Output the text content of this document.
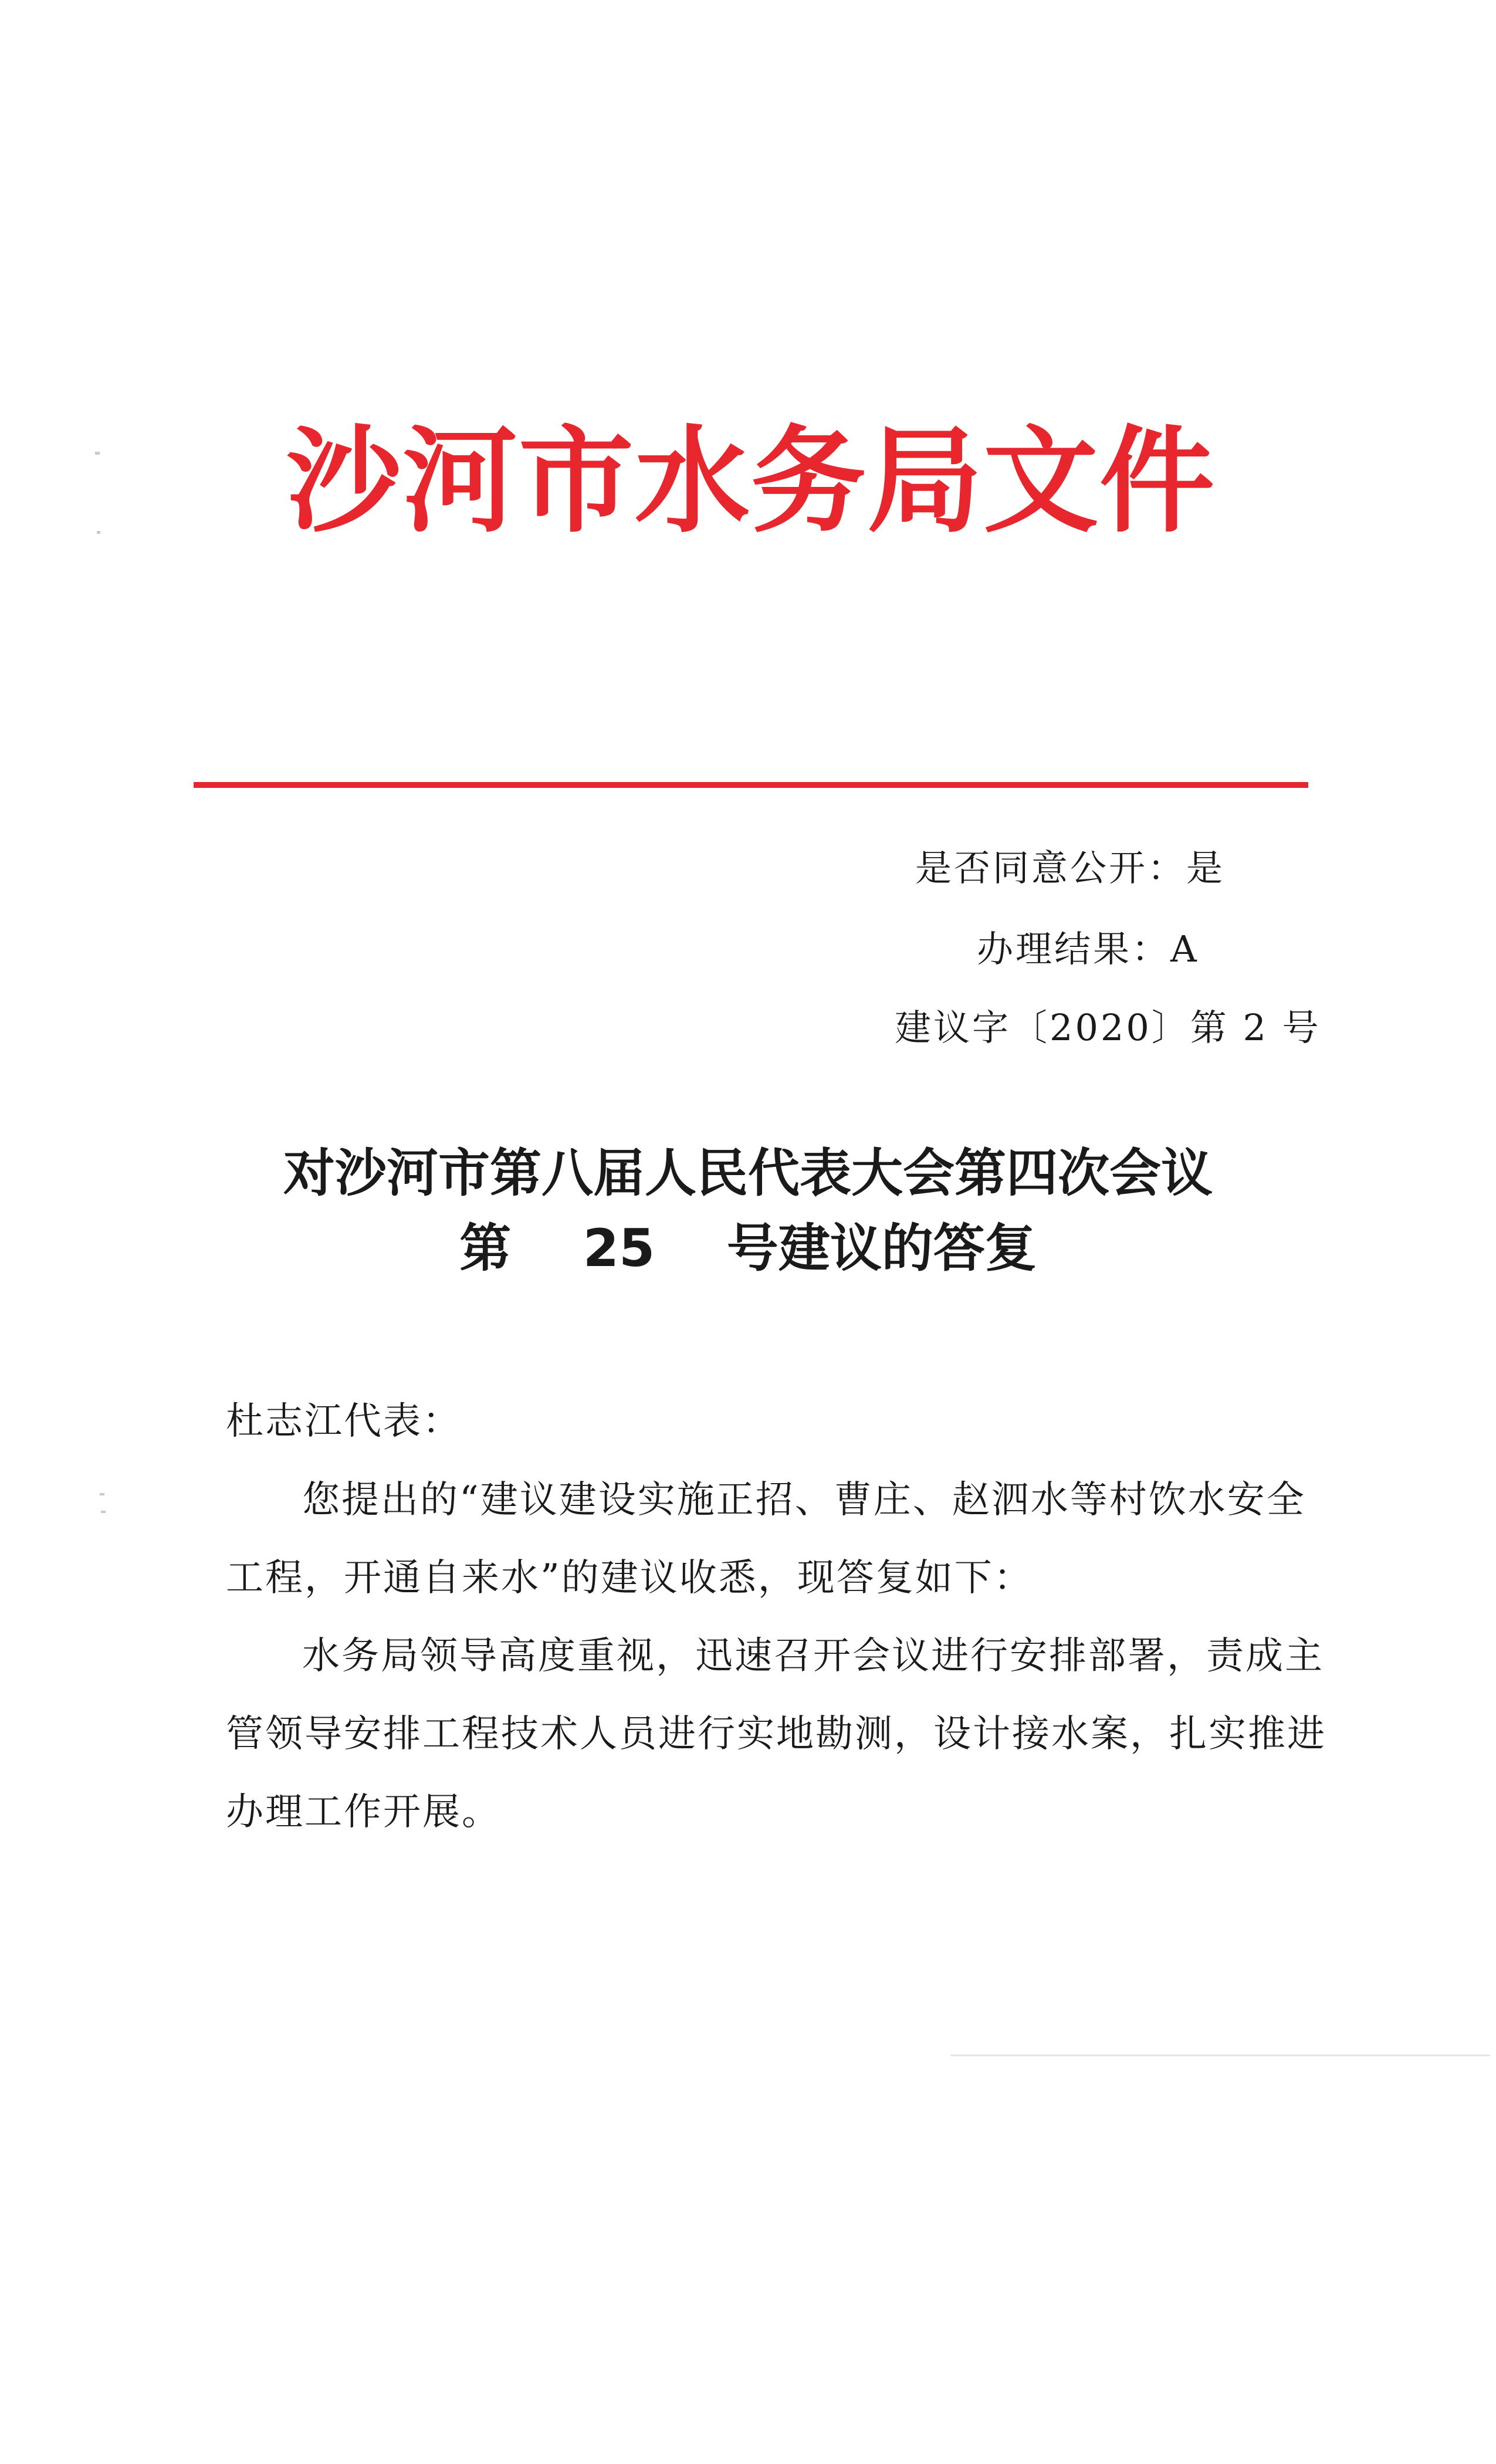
沙河市水务局文件
是否同意公开：是
办理结果：A
建议字〔2020〕第 2 号
对沙河市第八届人民代表大会第四次会议
第    25    号建议的答复
杜志江代表：
您提出的“建议建设实施正招、曹庄、赵泗水等村饮水安全
工程，开通自来水”的建议收悉，现答复如下：
水务局领导高度重视，迅速召开会议进行安排部署，责成主
管领导安排工程技术人员进行实地勘测，设计接水案，扎实推进
办理工作开展。
